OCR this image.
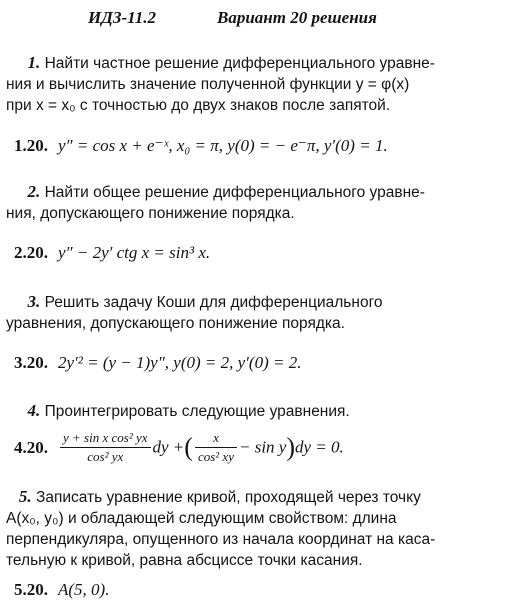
ИДЗ-11.2	Вариант 20 решения
1. Найти частное решение дифференциального уравне-
ния и вычислить значение полученной функции y = φ(x)
при x = x₀ с точностью до двух знаков после запятой.
1.20. y″ = cos x + e⁻ˣ, x₀ = π, y(0) = − e⁻π, y′(0) = 1.
2. Найти общее решение дифференциального уравне-
ния, допускающего понижение порядка.
2.20. y″ − 2y′ ctg x = sin³ x.
3. Решить задачу Коши для дифференциального
уравнения, допускающего понижение порядка.
3.20. 2y′² = (y − 1)y″, y(0) = 2, y′(0) = 2.
4. Проинтегрировать следующие уравнения.
4.20. $\frac{\text{y + sin x cos² yx}}{\text{cos² yx}}$ dy +( $\frac{x}{\text{cos² xy}} - \sin y)dy = 0$.
5. Записать уравнение кривой, проходящей через точку
A(x₀, y₀) и обладающей следующим свойством: длина
перпендикуляра, опущенного из начала координат на каса-
тельную к кривой, равна абсциссе точки касания.
5.20. A(5, 0).
